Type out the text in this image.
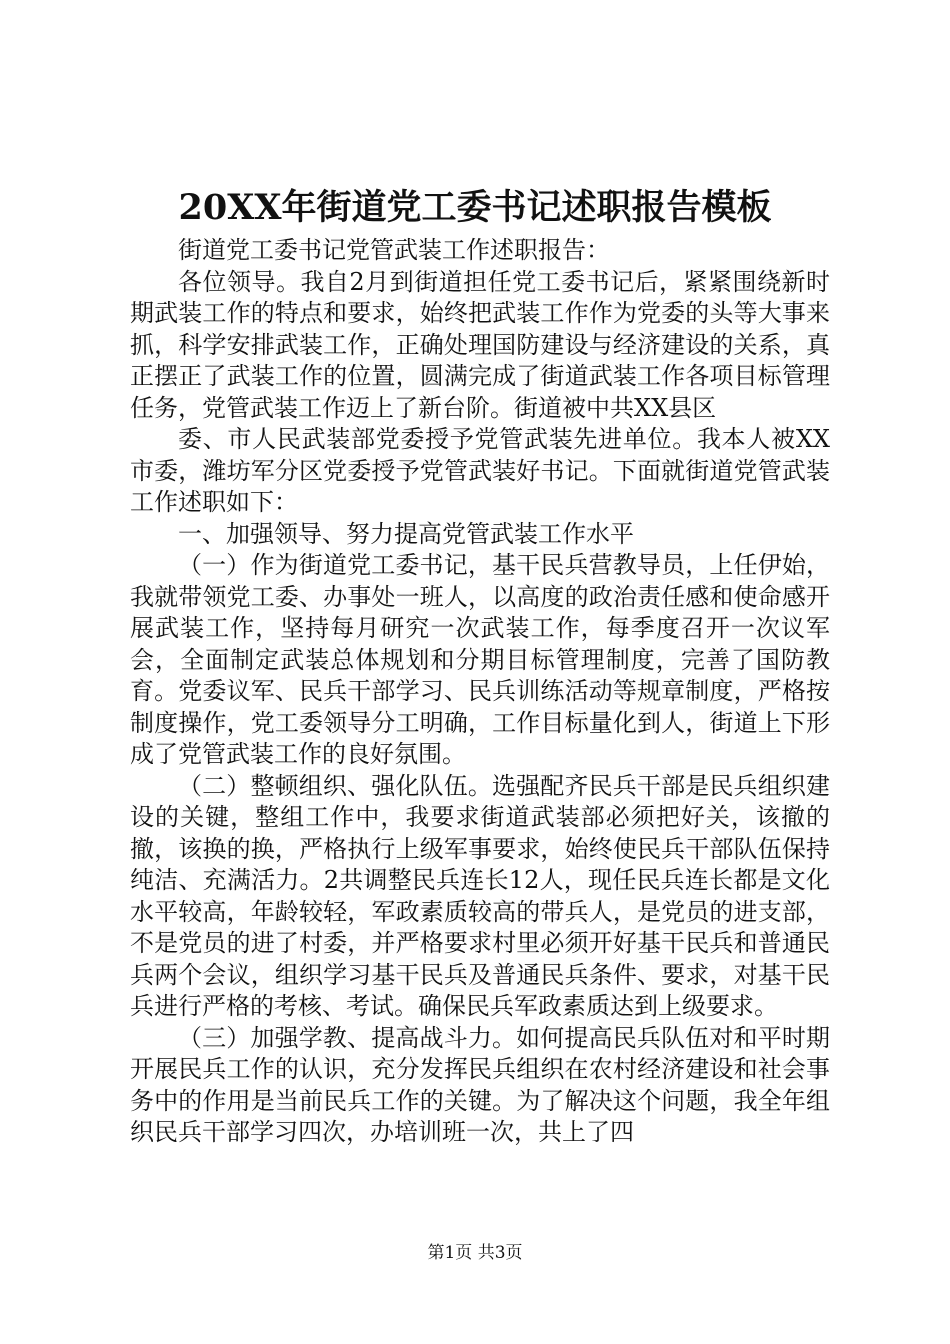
20XX年街道党工委书记述职报告模板

街道党工委书记党管武装工作述职报告：

各位领导。我自2月到街道担任党工委书记后，紧紧围绕新时期武装工作的特点和要求，始终把武装工作作为党委的头等大事来抓，科学安排武装工作，正确处理国防建设与经济建设的关系，真正摆正了武装工作的位置，圆满完成了街道武装工作各项目标管理任务，党管武装工作迈上了新台阶。街道被中共XX县区

委、市人民武装部党委授予党管武装先进单位。我本人被XX市委，潍坊军分区党委授予党管武装好书记。下面就街道党管武装工作述职如下：

一、加强领导、努力提高党管武装工作水平

（一）作为街道党工委书记，基干民兵营教导员，上任伊始，我就带领党工委、办事处一班人，以高度的政治责任感和使命感开展武装工作，坚持每月研究一次武装工作，每季度召开一次议军会，全面制定武装总体规划和分期目标管理制度，完善了国防教育。党委议军、民兵干部学习、民兵训练活动等规章制度，严格按制度操作，党工委领导分工明确，工作目标量化到人，街道上下形成了党管武装工作的良好氛围。

（二）整顿组织、强化队伍。选强配齐民兵干部是民兵组织建设的关键，整组工作中，我要求街道武装部必须把好关，该撤的撤，该换的换，严格执行上级军事要求，始终使民兵干部队伍保持纯洁、充满活力。2共调整民兵连长12人，现任民兵连长都是文化水平较高，年龄较轻，军政素质较高的带兵人，是党员的进支部，不是党员的进了村委，并严格要求村里必须开好基干民兵和普通民兵两个会议，组织学习基干民兵及普通民兵条件、要求，对基干民兵进行严格的考核、考试。确保民兵军政素质达到上级要求。

（三）加强学教、提高战斗力。如何提高民兵队伍对和平时期开展民兵工作的认识，充分发挥民兵组织在农村经济建设和社会事务中的作用是当前民兵工作的关键。为了解决这个问题，我全年组织民兵干部学习四次，办培训班一次，共上了四

第1页 共3页
